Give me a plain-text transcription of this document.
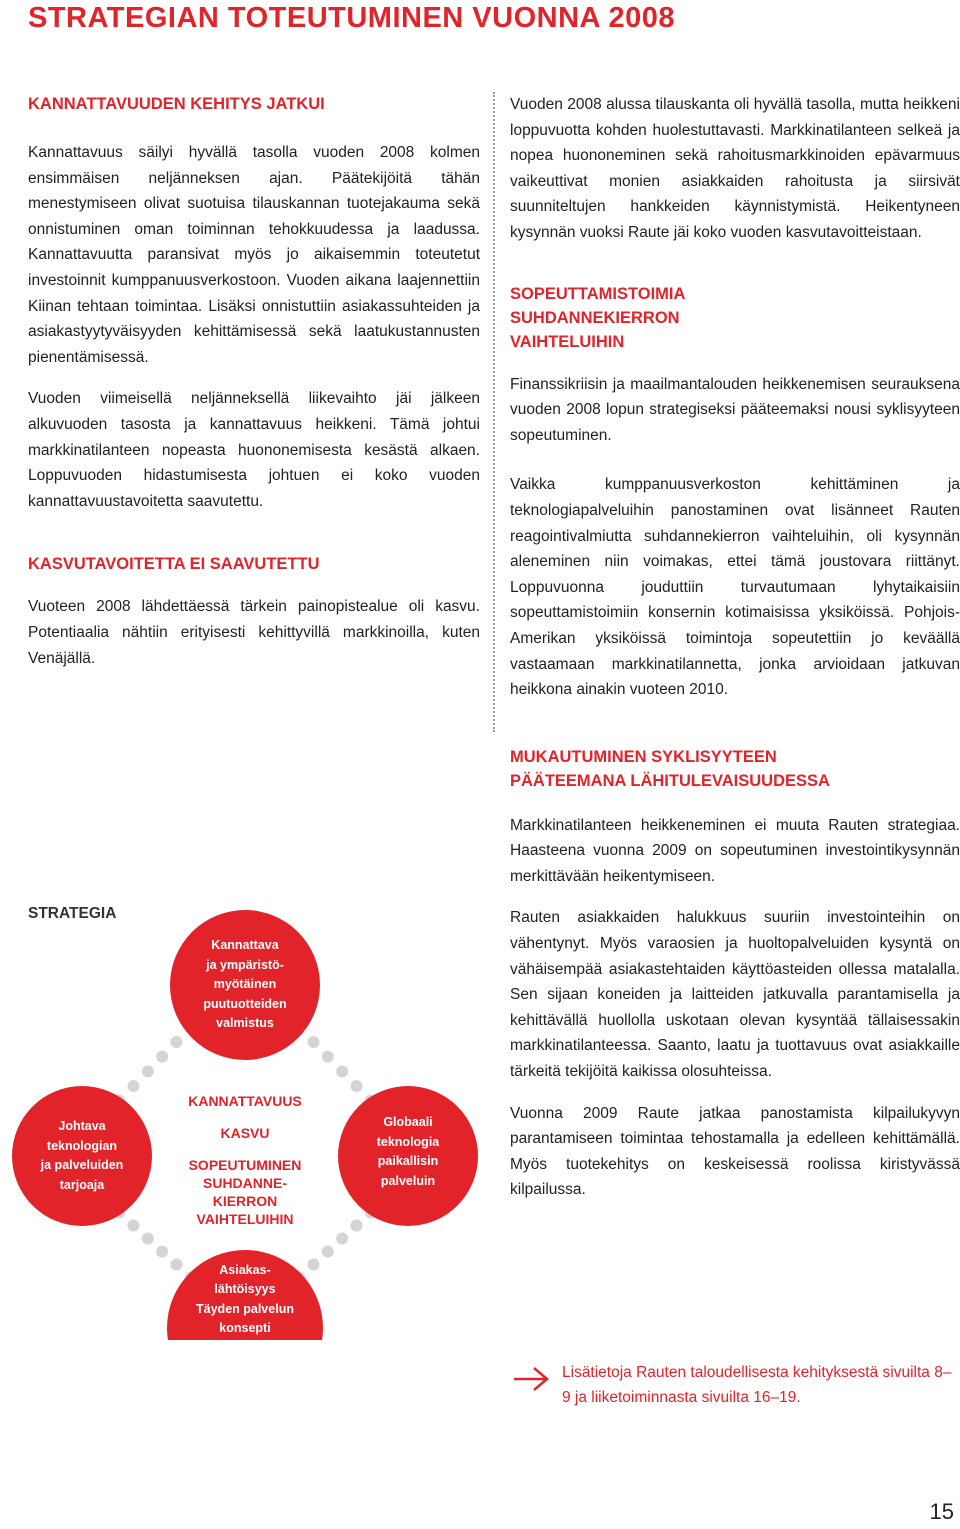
STRATEGIAN TOTEUTUMINEN VUONNA 2008
KANNATTAVUUDEN KEHITYS JATKUI

Kannattavuus säilyi hyvällä tasolla vuoden 2008 kolmen ensimmäisen neljänneksen ajan. Päätekijöitä tähän menestymiseen olivat suotuisa tilauskannan tuotejakauma sekä onnistuminen oman toiminnan tehokkuudessa ja laadussa. Kannattavuutta paransivat myös jo aikaisemmin toteutetut investoinnit kumppanuusverkostoon. Vuoden aikana laajennettiin Kiinan tehtaan toimintaa. Lisäksi onnistuttiin asiakassuhteiden ja asiakastyytyväisyyden kehittämisessä sekä laatukustannusten pienentämisessä.

Vuoden viimeisellä neljänneksellä liikevaihto jäi jälkeen alkuvuoden tasosta ja kannattavuus heikkeni. Tämä johtui markkinatilanteen nopeasta huononemisesta kesästä alkaen. Loppuvuoden hidastumisesta johtuen ei koko vuoden kannattavuustavoitetta saavutettu.

KASVUTAVOITETTA EI SAAVUTETTU

Vuoteen 2008 lähdettäessä tärkein painopistealue oli kasvu. Potentiaalia nähtiin erityisesti kehittyvillä markkinoilla, kuten Venäjällä.

Vuoden 2008 alussa tilauskanta oli hyvällä tasolla, mutta heikkeni loppuvuotta kohden huolestuttavasti. Markkinatilanteen selkeä ja nopea huononeminen sekä rahoitusmarkkinoiden epävarmuus vaikeuttivat monien asiakkaiden rahoitusta ja siirsivät suunniteltujen hankkeiden käynnistymistä. Heikentyneen kysynnän vuoksi Raute jäi koko vuoden kasvutavoitteistaan.

SOPEUTTAMISTOIMIA SUHDANNEKIERRON VAIHTELUIHIN

Finanssikriisin ja maailmantalouden heikkenemisen seurauksena vuoden 2008 lopun strategiseksi pääteemaksi nousi syklisyyteen sopeutuminen.

Vaikka kumppanuusverkoston kehittäminen ja teknologiapalveluihin panostaminen ovat lisänneet Rauten reagointivalmiutta suhdannekierron vaihteluihin, oli kysynnän aleneminen niin voimakas, ettei tämä joustovara riittänyt. Loppuvuonna jouduttiin turvautumaan lyhytaikaisiin sopeuttamistoimiin konsernin kotimaisissa yksiköissä. Pohjois-Amerikan yksiköissä toimintoja sopeutettiin jo keväällä vastaamaan markkinatilannetta, jonka arvioidaan jatkuvan heikkona ainakin vuoteen 2010.

MUKAUTUMINEN SYKLISYYTEEN PÄÄTEEMANA LÄHITULEVAISUUDESSA

Markkinatilanteen heikkeneminen ei muuta Rauten strategiaa. Haasteena vuonna 2009 on sopeutuminen investointikysynnän merkittävään heikentymiseen.

Rauten asiakkaiden halukkuus suuriin investointeihin on vähentynyt. Myös varaosien ja huoltopalveluiden kysyntä on vähäisempää asiakastehtaiden käyttöasteiden ollessa matalalla. Sen sijaan koneiden ja laitteiden jatkuvalla parantamisella ja kehittävällä huollolla uskotaan olevan kysyntää tällaisessakin markkinatilanteessa. Saanto, laatu ja tuottavuus ovat asiakkaille tärkeitä tekijöitä kaikissa olosuhteissa.

Vuonna 2009 Raute jatkaa panostamista kilpailukyvyn parantamiseen toimintaa tehostamalla ja edelleen kehittämällä. Myös tuotekehitys on keskeisessä roolissa kiristyvässä kilpailussa.

Lisätietoja Rauten taloudellisesta kehityksestä sivuilta 8–9 ja liiketoiminnasta sivuilta 16–19.

STRATEGIA

Kannattava
ja ympäristö-
myötäinen
puutuotteiden
valmistus
Johtava
teknologian
ja palveluiden
tarjoaja
Globaali
teknologia
paikallisin
palveluin
Asiakas-
lähtöisyys
Täyden palvelun
konsepti
Tuotekehitys
Laatu
Osaaminen
KANNATTAVUUS
KASVU
SOPEUTUMINEN
SUHDANNE-
KIERRON
VAIHTELUIHIN
15
